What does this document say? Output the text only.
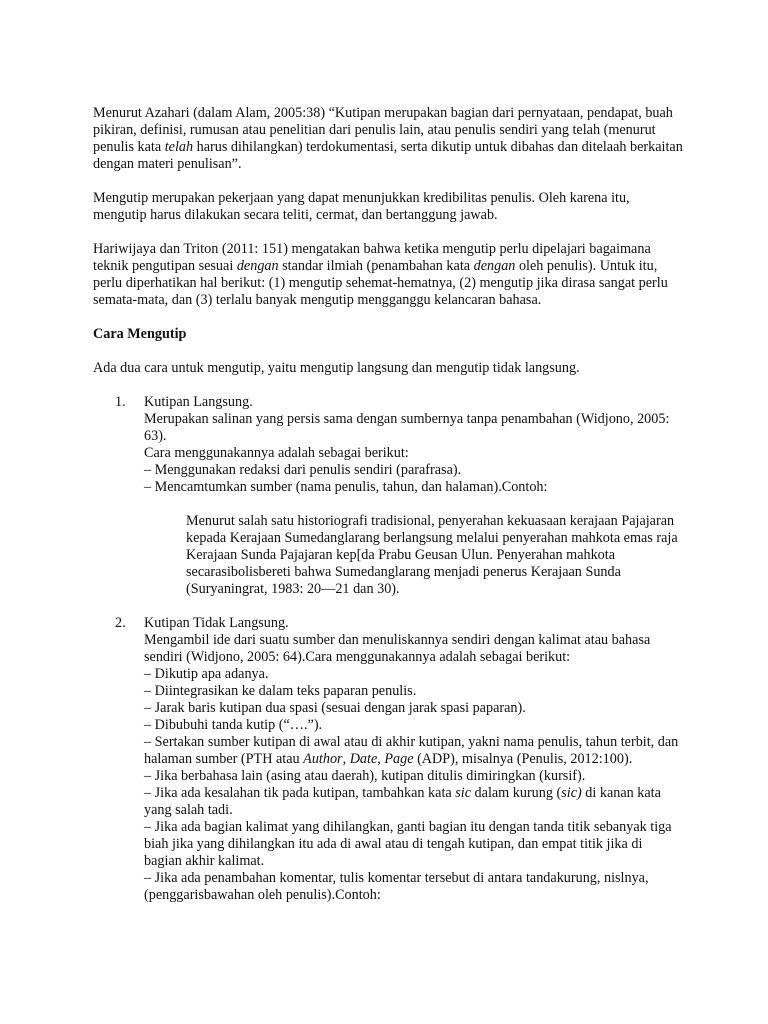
Menurut Azahari (dalam Alam, 2005:38) “Kutipan merupakan bagian dari pernyataan, pendapat, buah pikiran, definisi, rumusan atau penelitian dari penulis lain, atau penulis sendiri yang telah (menurut penulis kata telah harus dihilangkan) terdokumentasi, serta dikutip untuk dibahas dan ditelaah berkaitan dengan materi penulisan”.

Mengutip merupakan pekerjaan yang dapat menunjukkan kredibilitas penulis. Oleh karena itu, mengutip harus dilakukan secara teliti, cermat, dan bertanggung jawab.

Hariwijaya dan Triton (2011: 151) mengatakan bahwa ketika mengutip perlu dipelajari bagaimana teknik pengutipan sesuai dengan standar ilmiah (penambahan kata dengan oleh penulis). Untuk itu, perlu diperhatikan hal berikut: (1) mengutip sehemat-hematnya, (2) mengutip jika dirasa sangat perlu semata-mata, dan (3) terlalu banyak mengutip mengganggu kelancaran bahasa.

Cara Mengutip

Ada dua cara untuk mengutip, yaitu mengutip langsung dan mengutip tidak langsung.

1. Kutipan Langsung.
Merupakan salinan yang persis sama dengan sumbernya tanpa penambahan (Widjono, 2005: 63).
Cara menggunakannya adalah sebagai berikut:
– Menggunakan redaksi dari penulis sendiri (parafrasa).
– Mencamtumkan sumber (nama penulis, tahun, dan halaman).Contoh:

Menurut salah satu historiografi tradisional, penyerahan kekuasaan kerajaan Pajajaran kepada Kerajaan Sumedanglarang berlangsung melalui penyerahan mahkota emas raja Kerajaan Sunda Pajajaran kep[da Prabu Geusan Ulun. Penyerahan mahkota secarasibolisbereti bahwa Sumedanglarang menjadi penerus Kerajaan Sunda (Suryaningrat, 1983: 20—21 dan 30).

2. Kutipan Tidak Langsung.
Mengambil ide dari suatu sumber dan menuliskannya sendiri dengan kalimat atau bahasa sendiri (Widjono, 2005: 64).Cara menggunakannya adalah sebagai berikut:
– Dikutip apa adanya.
– Diintegrasikan ke dalam teks paparan penulis.
– Jarak baris kutipan dua spasi (sesuai dengan jarak spasi paparan).
– Dibubuhi tanda kutip (“….”).
– Sertakan sumber kutipan di awal atau di akhir kutipan, yakni nama penulis, tahun terbit, dan halaman sumber (PTH atau Author, Date, Page (ADP), misalnya (Penulis, 2012:100).
– Jika berbahasa lain (asing atau daerah), kutipan ditulis dimiringkan (kursif).
– Jika ada kesalahan tik pada kutipan, tambahkan kata sic dalam kurung (sic) di kanan kata yang salah tadi.
– Jika ada bagian kalimat yang dihilangkan, ganti bagian itu dengan tanda titik sebanyak tiga biah jika yang dihilangkan itu ada di awal atau di tengah kutipan, dan empat titik jika di bagian akhir kalimat.
– Jika ada penambahan komentar, tulis komentar tersebut di antara tandakurung, nislnya, (penggarisbawahan oleh penulis).Contoh:
